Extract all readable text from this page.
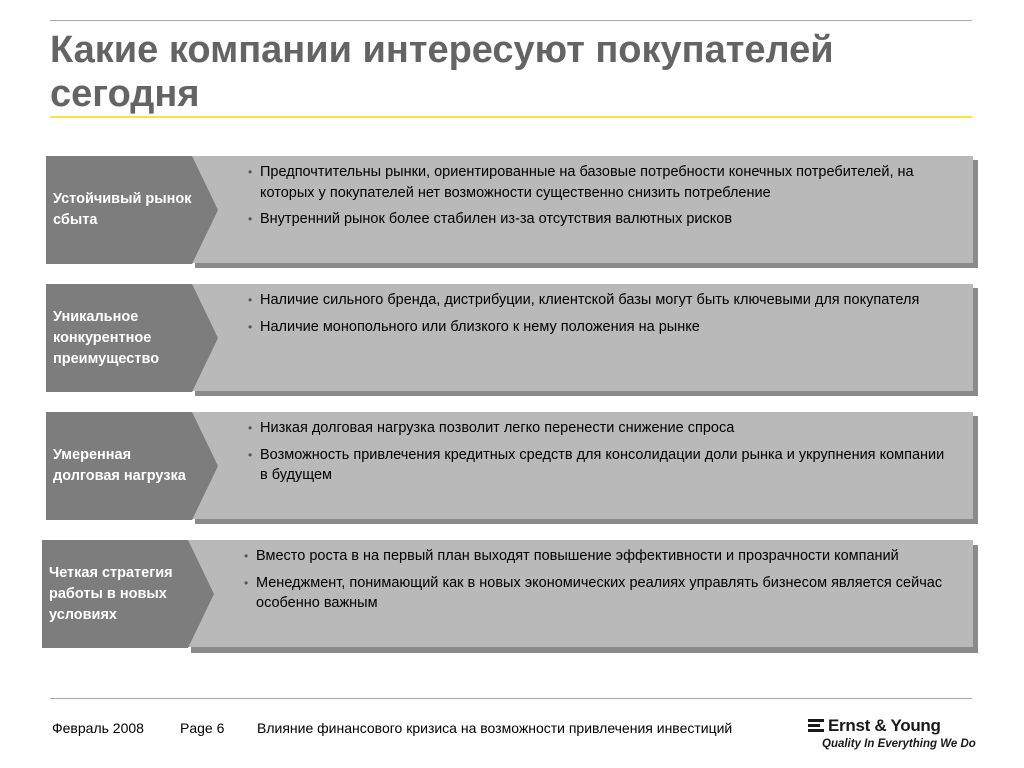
Какие компании интересуют покупателей сегодня
Устойчивый рынок сбыта
• Предпочтительны рынки, ориентированные на базовые потребности конечных потребителей, на которых у покупателей нет возможности существенно снизить потребление
• Внутренний рынок более стабилен из-за отсутствия валютных рисков
Уникальное конкурентное преимущество
• Наличие сильного бренда, дистрибуции, клиентской базы могут быть ключевыми для покупателя
• Наличие монопольного или близкого к нему положения на рынке
Умеренная долговая нагрузка
• Низкая долговая нагрузка позволит легко перенести снижение спроса
• Возможность привлечения кредитных средств для консолидации доли рынка и укрупнения компании в будущем
Четкая стратегия работы в новых условиях
• Вместо роста в на первый план выходят повышение эффективности и прозрачности компаний
• Менеджмент, понимающий как в новых экономических реалиях управлять бизнесом является сейчас особенно важным
Февраль 2008	Page 6 Влияние финансового кризиса на возможности привлечения инвестиций	Ernst & Young
Quality In Everything We Do
